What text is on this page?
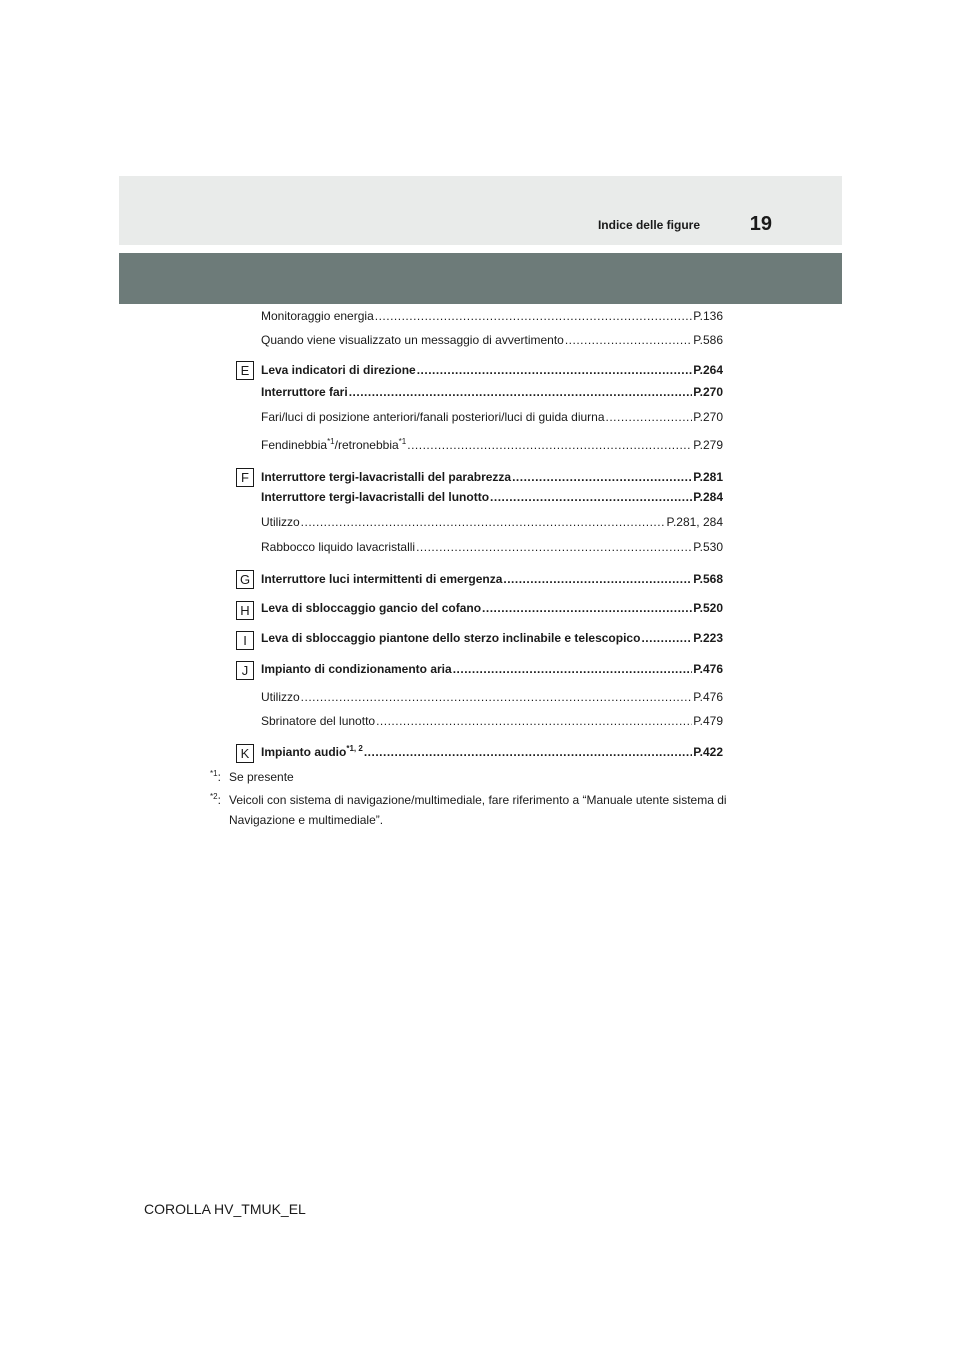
Indice delle figure 19
Monitoraggio energia .....	P.136
Quando viene visualizzato un messaggio di avvertimento .....	P.586
E Leva indicatori di direzione .....	P.264
Interruttore fari .....	P.270
Fari/luci di posizione anteriori/fanali posteriori/luci di guida diurna .....	P.270
Fendinebbia$^{*1}$/retronebbia$^{*1}$ .....	P.279
F	Interruttore tergi-lavacristalli del parabrezza .....	P.281
Interruttore tergi-lavacristalli del lunotto .....	P.284
Utilizzo .....	P.281, 284
Rabbocco liquido lavacristalli .....	P.530
G Interruttore luci intermittenti di emergenza .....	P.568
H Leva di sbloccaggio gancio del cofano .....	P.520
I	Leva di sbloccaggio piantone dello sterzo inclinabile e telescopico .....	P.223
J	Impianto di condizionamento aria .....	P.476
Utilizzo .....	P.476
Sbrinatore del lunotto .....	P.479
K Impianto audio$^{*1, 2}$ .....	P.422
$^{*1}$: Se presente
$^{*2}$: Veicoli con sistema di navigazione/multimediale, fare riferimento a “Manuale utente sistema di Navigazione e multimediale”.
COROLLA HV_TMUK_EL
